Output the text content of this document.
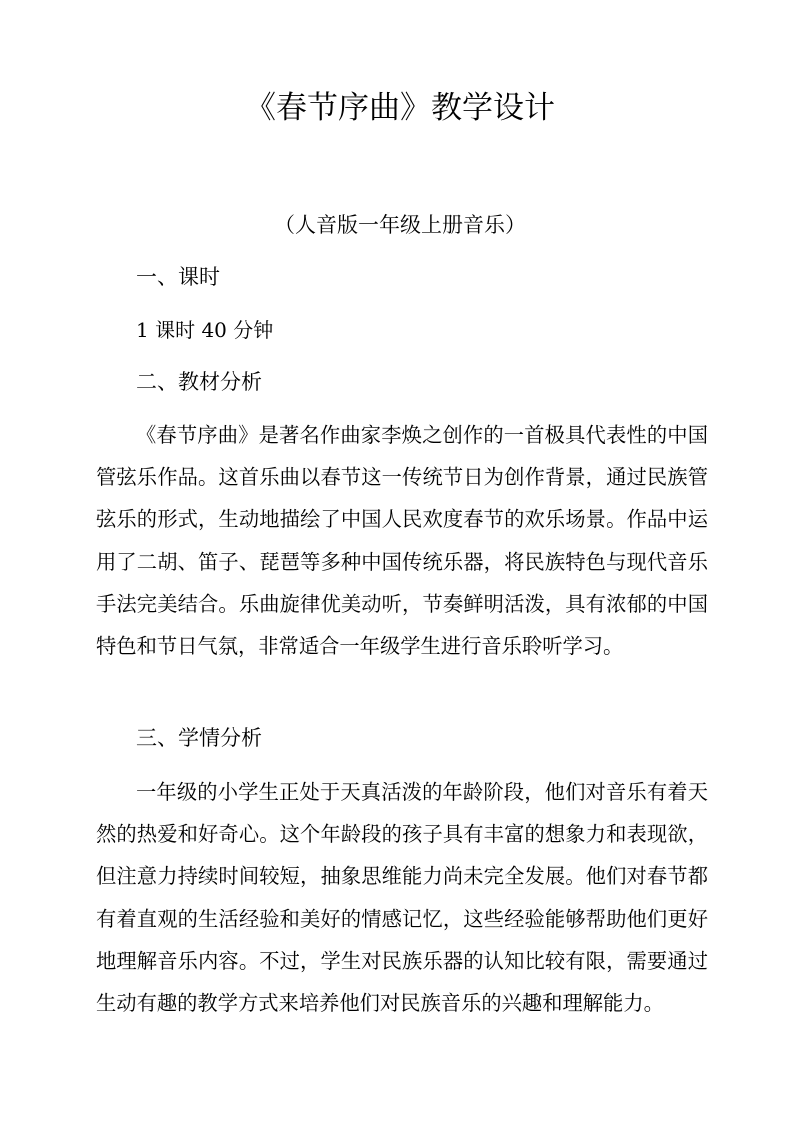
《春节序曲》教学设计
（人音版一年级上册音乐）
一、课时
1 课时 40 分钟
二、教材分析

《春节序曲》是著名作曲家李焕之创作的一首极具代表性的中国管弦乐作品。这首乐曲以春节这一传统节日为创作背景，通过民族管弦乐的形式，生动地描绘了中国人民欢度春节的欢乐场景。作品中运用了二胡、笛子、琵琶等多种中国传统乐器，将民族特色与现代音乐手法完美结合。乐曲旋律优美动听，节奏鲜明活泼，具有浓郁的中国特色和节日气氛，非常适合一年级学生进行音乐聆听学习。

三、学情分析

一年级的小学生正处于天真活泼的年龄阶段，他们对音乐有着天然的热爱和好奇心。这个年龄段的孩子具有丰富的想象力和表现欲，但注意力持续时间较短，抽象思维能力尚未完全发展。他们对春节都有着直观的生活经验和美好的情感记忆，这些经验能够帮助他们更好地理解音乐内容。不过，学生对民族乐器的认知比较有限，需要通过生动有趣的教学方式来培养他们对民族音乐的兴趣和理解能力。
